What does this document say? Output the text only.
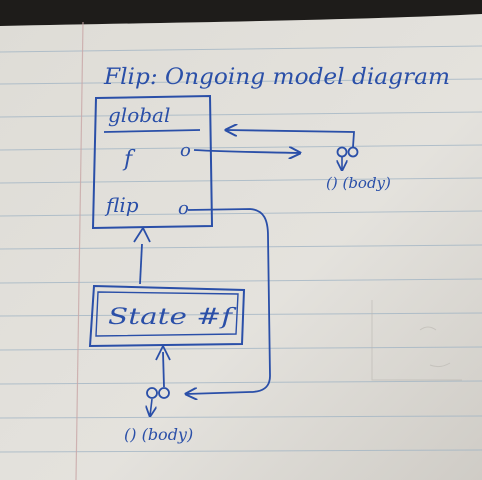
Flip: Ongoing model diagram
global
f	o
flip o
() (body)
State #f
() (body)
